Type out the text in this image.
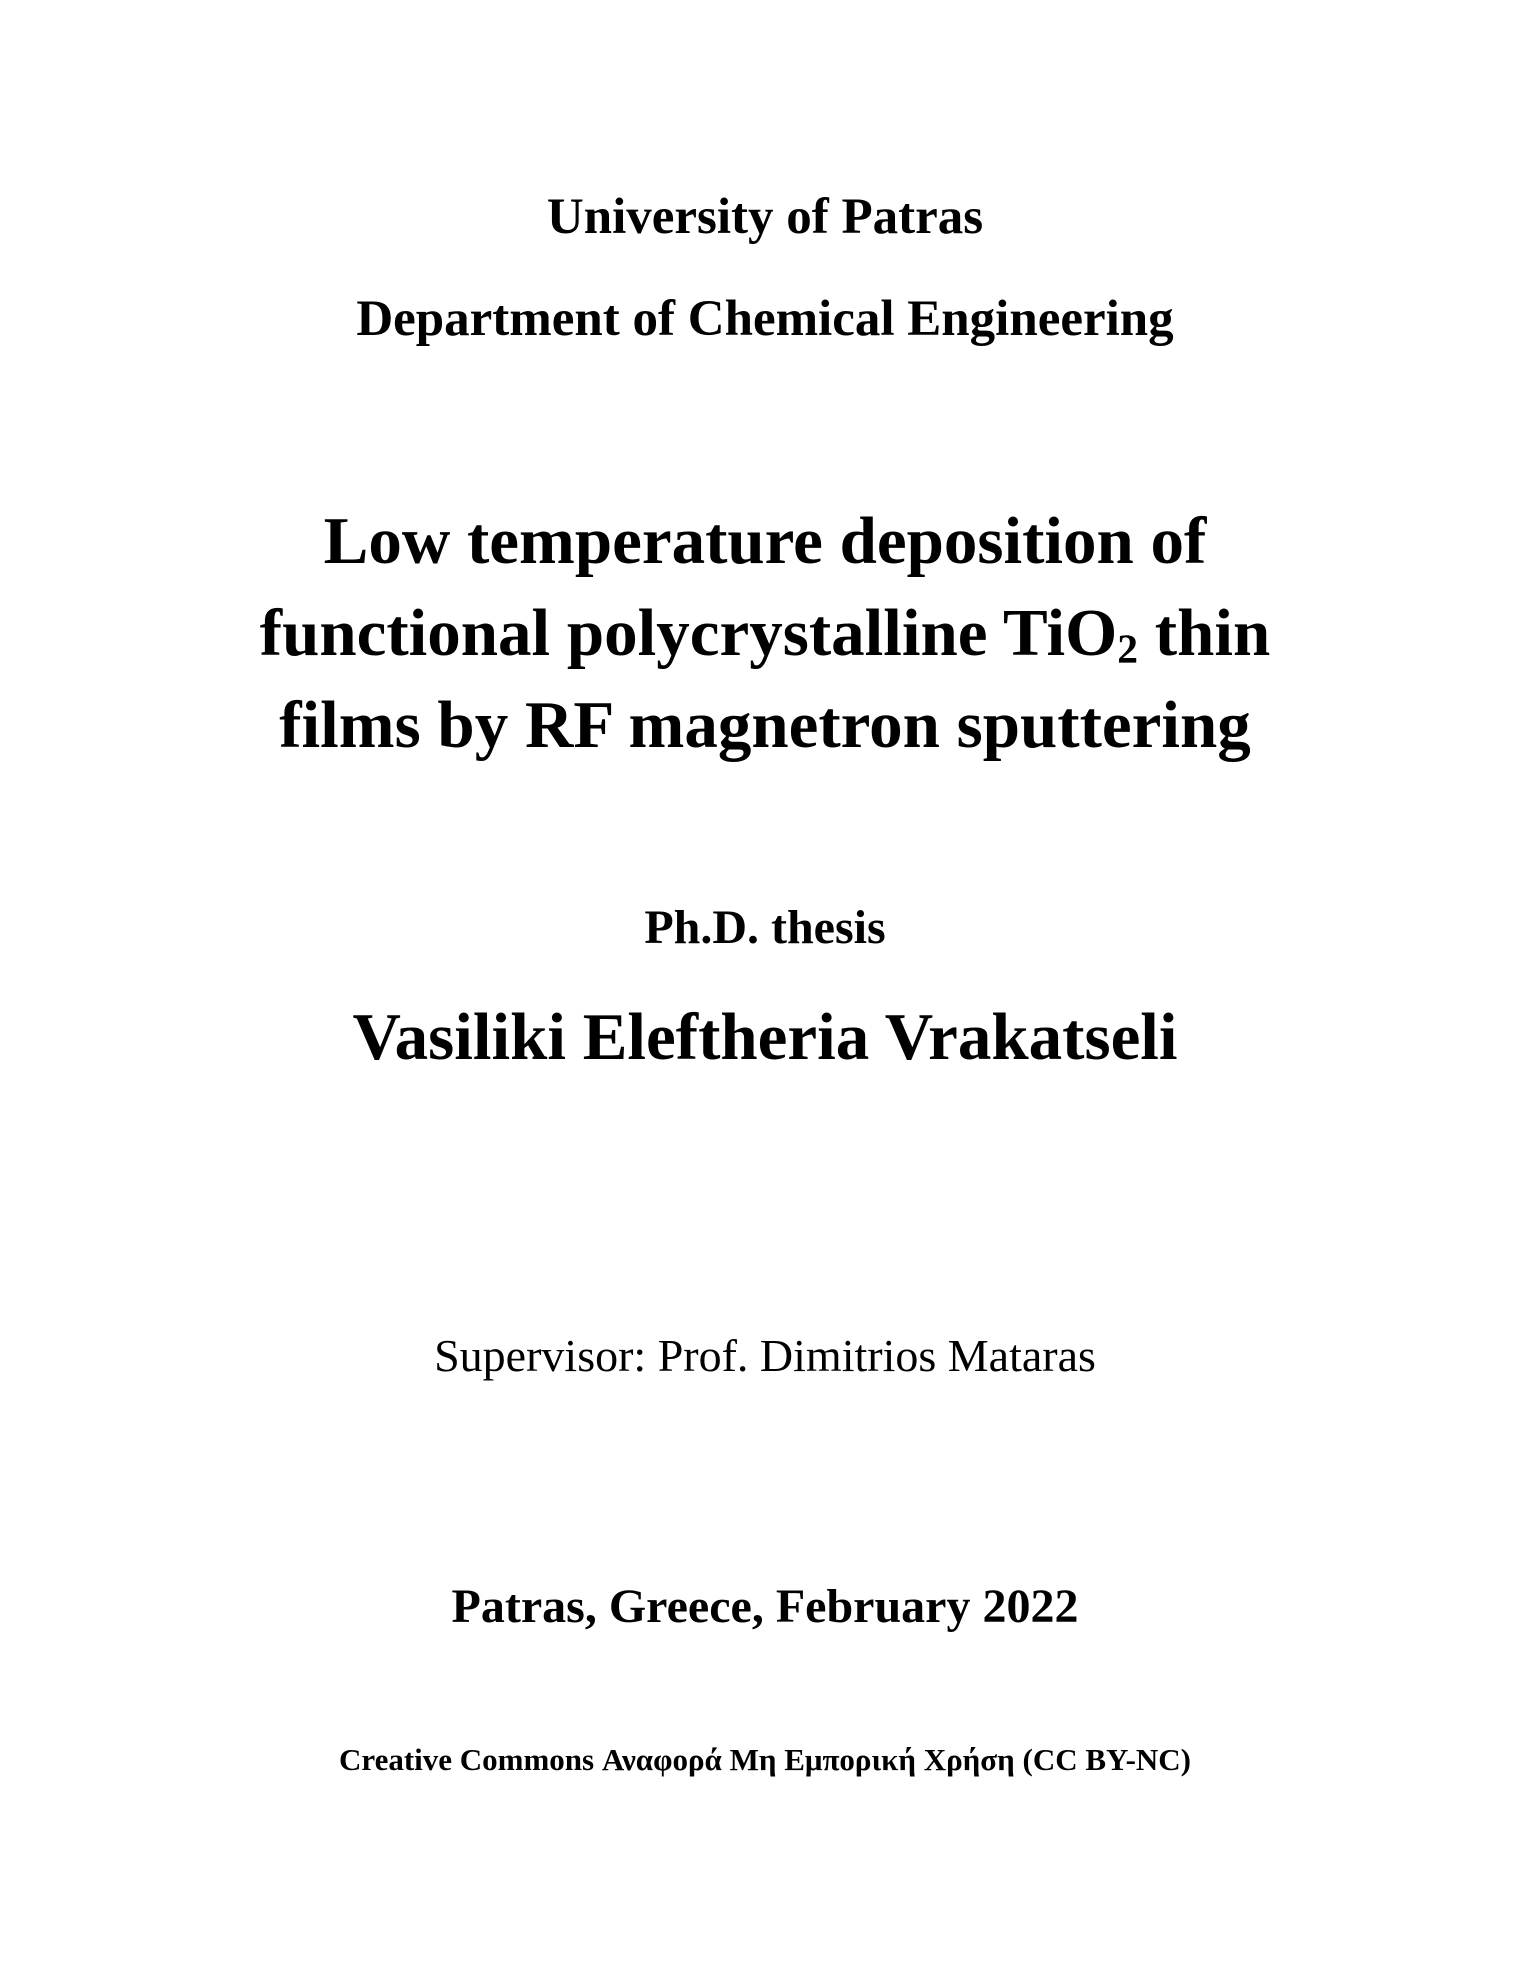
University of Patras
Department of Chemical Engineering
Low temperature deposition of
functional polycrystalline TiO2 thin
films by RF magnetron sputtering
Ph.D. thesis
Vasiliki Eleftheria Vrakatseli
Supervisor: Prof. Dimitrios Mataras
Patras, Greece, February 2022
Creative Commons Αναφορά Μη Εμπορική Χρήση (CC BY-NC)
